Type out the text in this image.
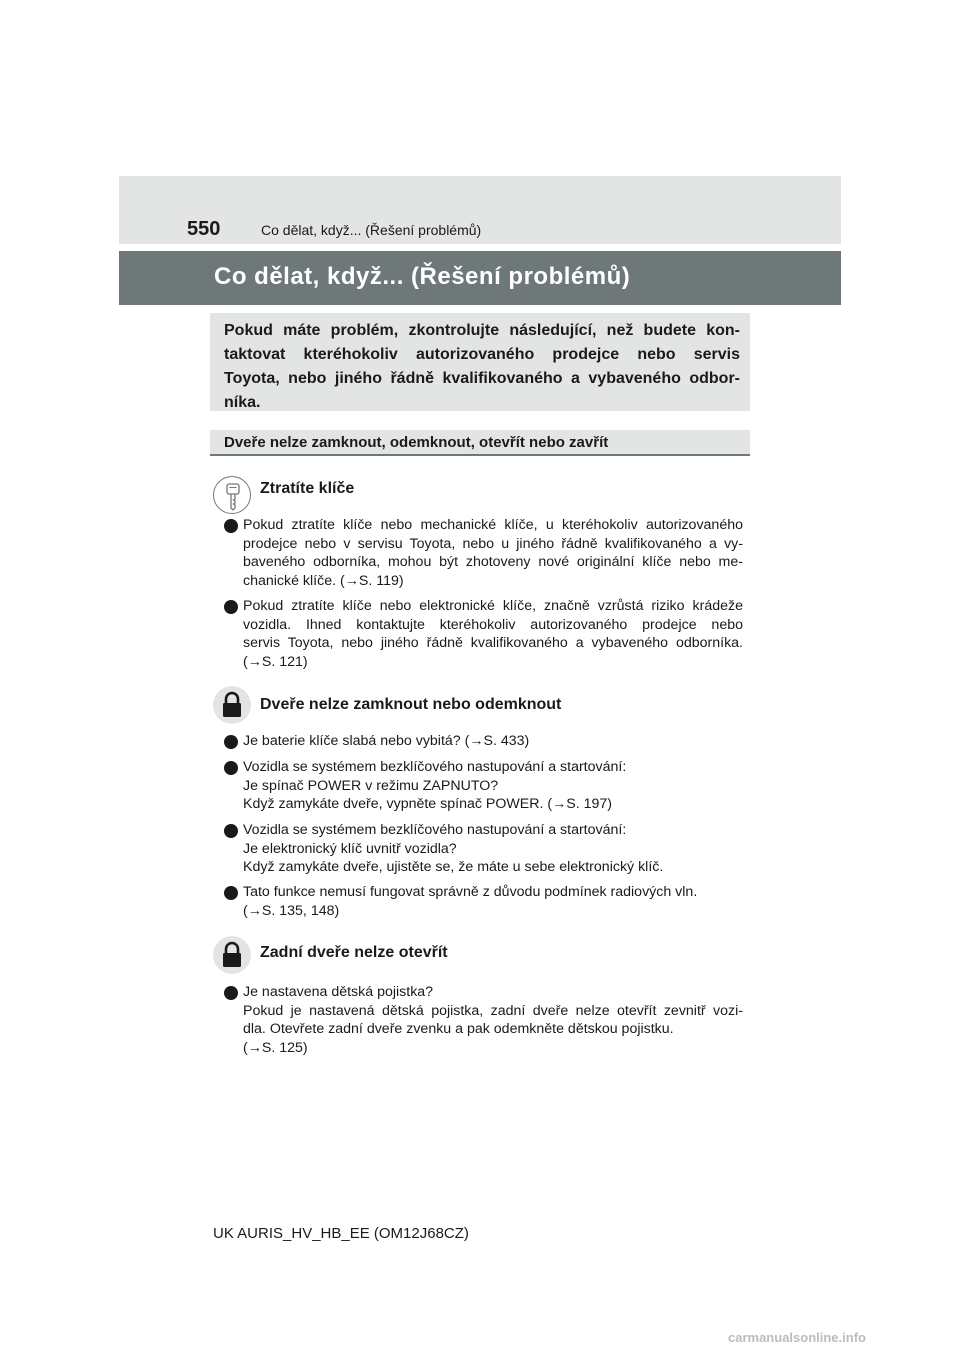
550	Co dělat, když... (Řešení problémů)
Co dělat, když... (Řešení problémů)
Pokud máte problém, zkontrolujte následující, než budete kon-
taktovat kteréhokoliv autorizovaného prodejce nebo servis
Toyota, nebo jiného řádně kvalifikovaného a vybaveného odbor-
níka.
Dveře nelze zamknout, odemknout, otevřít nebo zavřít
Ztratíte klíče
Pokud ztratíte klíče nebo mechanické klíče, u kteréhokoliv autorizovaného
prodejce nebo v servisu Toyota, nebo u jiného řádně kvalifikovaného a vy-
baveného odborníka, mohou být zhotoveny nové originální klíče nebo me-
chanické klíče. (→S. 119)
Pokud ztratíte klíče nebo elektronické klíče, značně vzrůstá riziko krádeže
vozidla. Ihned kontaktujte kteréhokoliv autorizovaného prodejce nebo
servis Toyota, nebo jiného řádně kvalifikovaného a vybaveného odborníka.
(→S. 121)
Dveře nelze zamknout nebo odemknout
Je baterie klíče slabá nebo vybitá? (→S. 433)
Vozidla se systémem bezklíčového nastupování a startování:
Je spínač POWER v režimu ZAPNUTO?
Když zamykáte dveře, vypněte spínač POWER. (→S. 197)
Vozidla se systémem bezklíčového nastupování a startování:
Je elektronický klíč uvnitř vozidla?
Když zamykáte dveře, ujistěte se, že máte u sebe elektronický klíč.
Tato funkce nemusí fungovat správně z důvodu podmínek radiových vln.
(→S. 135, 148)
Zadní dveře nelze otevřít
Je nastavena dětská pojistka?
Pokud je nastavená dětská pojistka, zadní dveře nelze otevřít zevnitř vozi-
dla. Otevřete zadní dveře zvenku a pak odemkněte dětskou pojistku.
(→S. 125)
UK AURIS_HV_HB_EE (OM12J68CZ)
carmanualsonline.info
